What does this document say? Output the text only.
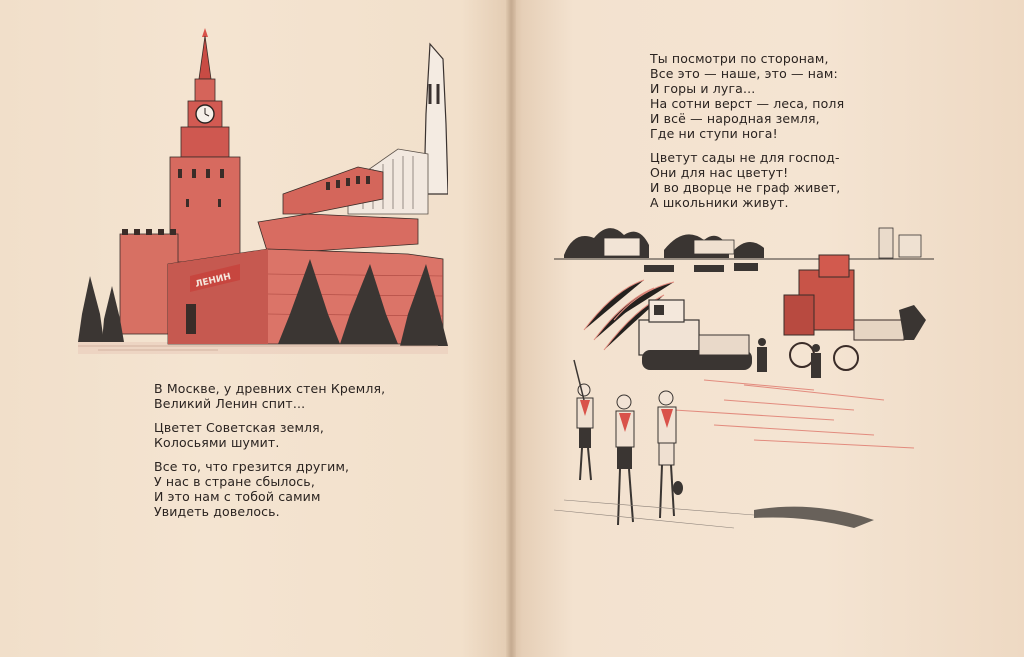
ЛЕНИН

В Москве, у древних стен Кремля,
Великий Ленин спит...

Цветет Советская земля,
Колосьями шумит.

Все то, что грезится другим,
У нас в стране сбылось,
И это нам с тобой самим
Увидеть довелось.

Ты посмотри по сторонам,
Все это — наше, это — нам:
И горы и луга...
На сотни верст — леса, поля
И всё — народная земля,
Где ни ступи нога!

Цветут сады не для господ-
Они для нас цветут!
И во дворце не граф живет,
А школьники живут.
